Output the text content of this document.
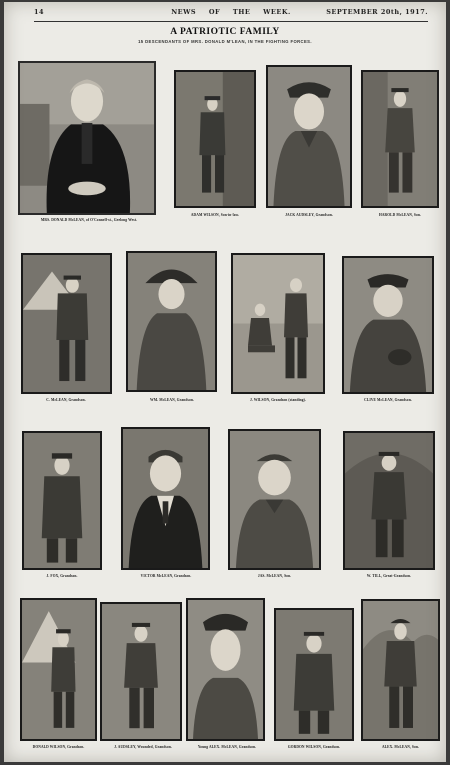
14	NEWS OF THE WEEK.	SEPTEMBER 20th, 1917.
A PATRIOTIC FAMILY
15 DESCENDANTS OF MRS. DONALD M'LEAN, IN THE FIGHTING FORCES.
MRS. DONALD McLEAN, of O'Connell-st., Geelong West.
ADAM WILSON, Son-in-law.	JACK AUDSLEY, Grandson.	HAROLD McLEAN, Son.
C. McLEAN, Grandson.	WM. McLEAN, Grandson.	J. WILSON, Grandson (standing).	CLIVE McLEAN, Grandson.
J. FOX, Grandson.	VICTOR McLEAN, Grandson.	JAS. McLEAN, Son.	W. TILL, Great-Grandson.
DONALD WILSON, Grandson.	J. AUDSLEY, Wounded, Grandson.	Young ALEX. McLEAN, Grandson.	GORDON WILSON, Grandson.	ALEX. McLEAN, Son.
